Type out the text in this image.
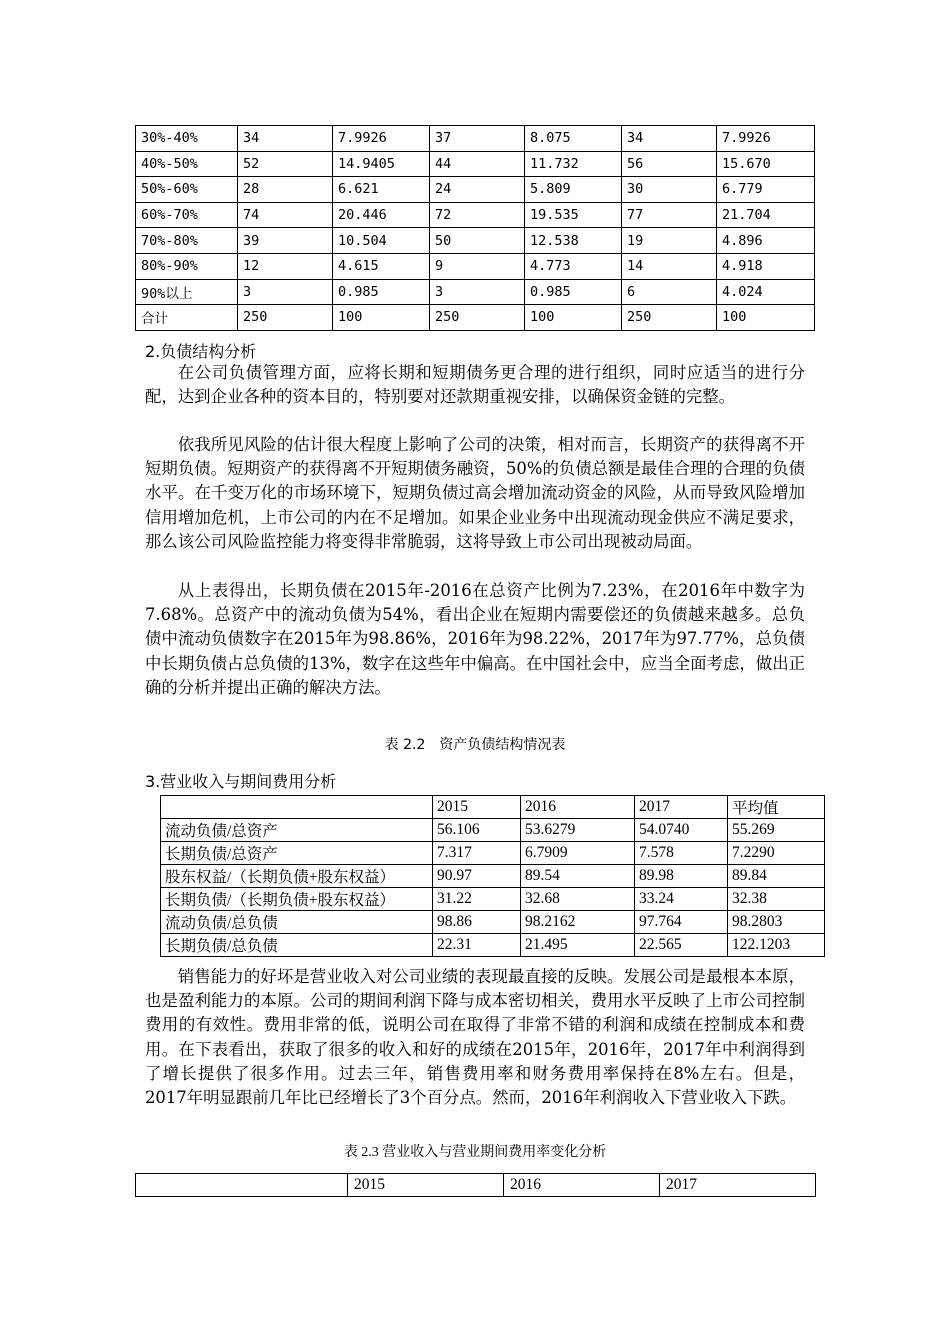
30%-40%	34	7.9926	37	8.075	34	7.9926
40%-50%	52	14.9405	44	11.732	56	15.670
50%-60%	28	6.621	24	5.809	30	6.779
60%-70%	74	20.446	72	19.535	77	21.704
70%-80%	39	10.504	50	12.538	19	4.896
80%-90%	12	4.615	9	4.773	14	4.918
90%以上	3	0.985	3	0.985	6	4.024
合计	250	100	250	100	250	100
2.负债结构分析

在公司负债管理方面，应将长期和短期债务更合理的进行组织，同时应适当的进行分配，达到企业各种的资本目的，特别要对还款期重视安排，以确保资金链的完整。

依我所见风险的估计很大程度上影响了公司的决策，相对而言，长期资产的获得离不开短期负债。短期资产的获得离不开短期债务融资，50%的负债总额是最佳合理的合理的负债水平。在千变万化的市场环境下，短期负债过高会增加流动资金的风险，从而导致风险增加信用增加危机，上市公司的内在不足增加。如果企业业务中出现流动现金供应不满足要求，那么该公司风险监控能力将变得非常脆弱，这将导致上市公司出现被动局面。

从上表得出，长期负债在2015年-2016在总资产比例为7.23%，在2016年中数字为7.68%。总资产中的流动负债为54%，看出企业在短期内需要偿还的负债越来越多。总负债中流动负债数字在2015年为98.86%，2016年为98.22%，2017年为97.77%，总负债中长期负债占总负债的13%，数字在这些年中偏高。在中国社会中，应当全面考虑，做出正确的分析并提出正确的解决方法。

表 2.2　资产负债结构情况表

3.营业收入与期间费用分析
	2015	2016	2017	平均值
流动负债/总资产	56.106	53.6279	54.0740	55.269
长期负债/总资产	7.317	6.7909	7.578	7.2290
股东权益/（长期负债+股东权益）	90.97	89.54	89.98	89.84
长期负债/（长期负债+股东权益）	31.22	32.68	33.24	32.38
流动负债/总负债	98.86	98.2162	97.764	98.2803
长期负债/总负债	22.31	21.495	22.565	122.1203

销售能力的好坏是营业收入对公司业绩的表现最直接的反映。发展公司是最根本本原，也是盈利能力的本原。公司的期间利润下降与成本密切相关，费用水平反映了上市公司控制费用的有效性。费用非常的低，说明公司在取得了非常不错的利润和成绩在控制成本和费用。在下表看出，获取了很多的收入和好的成绩在2015年，2016年，2017年中利润得到了增长提供了很多作用。过去三年，销售费用率和财务费用率保持在8%左右。但是， 2017年明显跟前几年比已经增长了3个百分点。然而，2016年利润收入下营业收入下跌。

表 2.3 营业收入与营业期间费用率变化分析

	2015	2016	2017
